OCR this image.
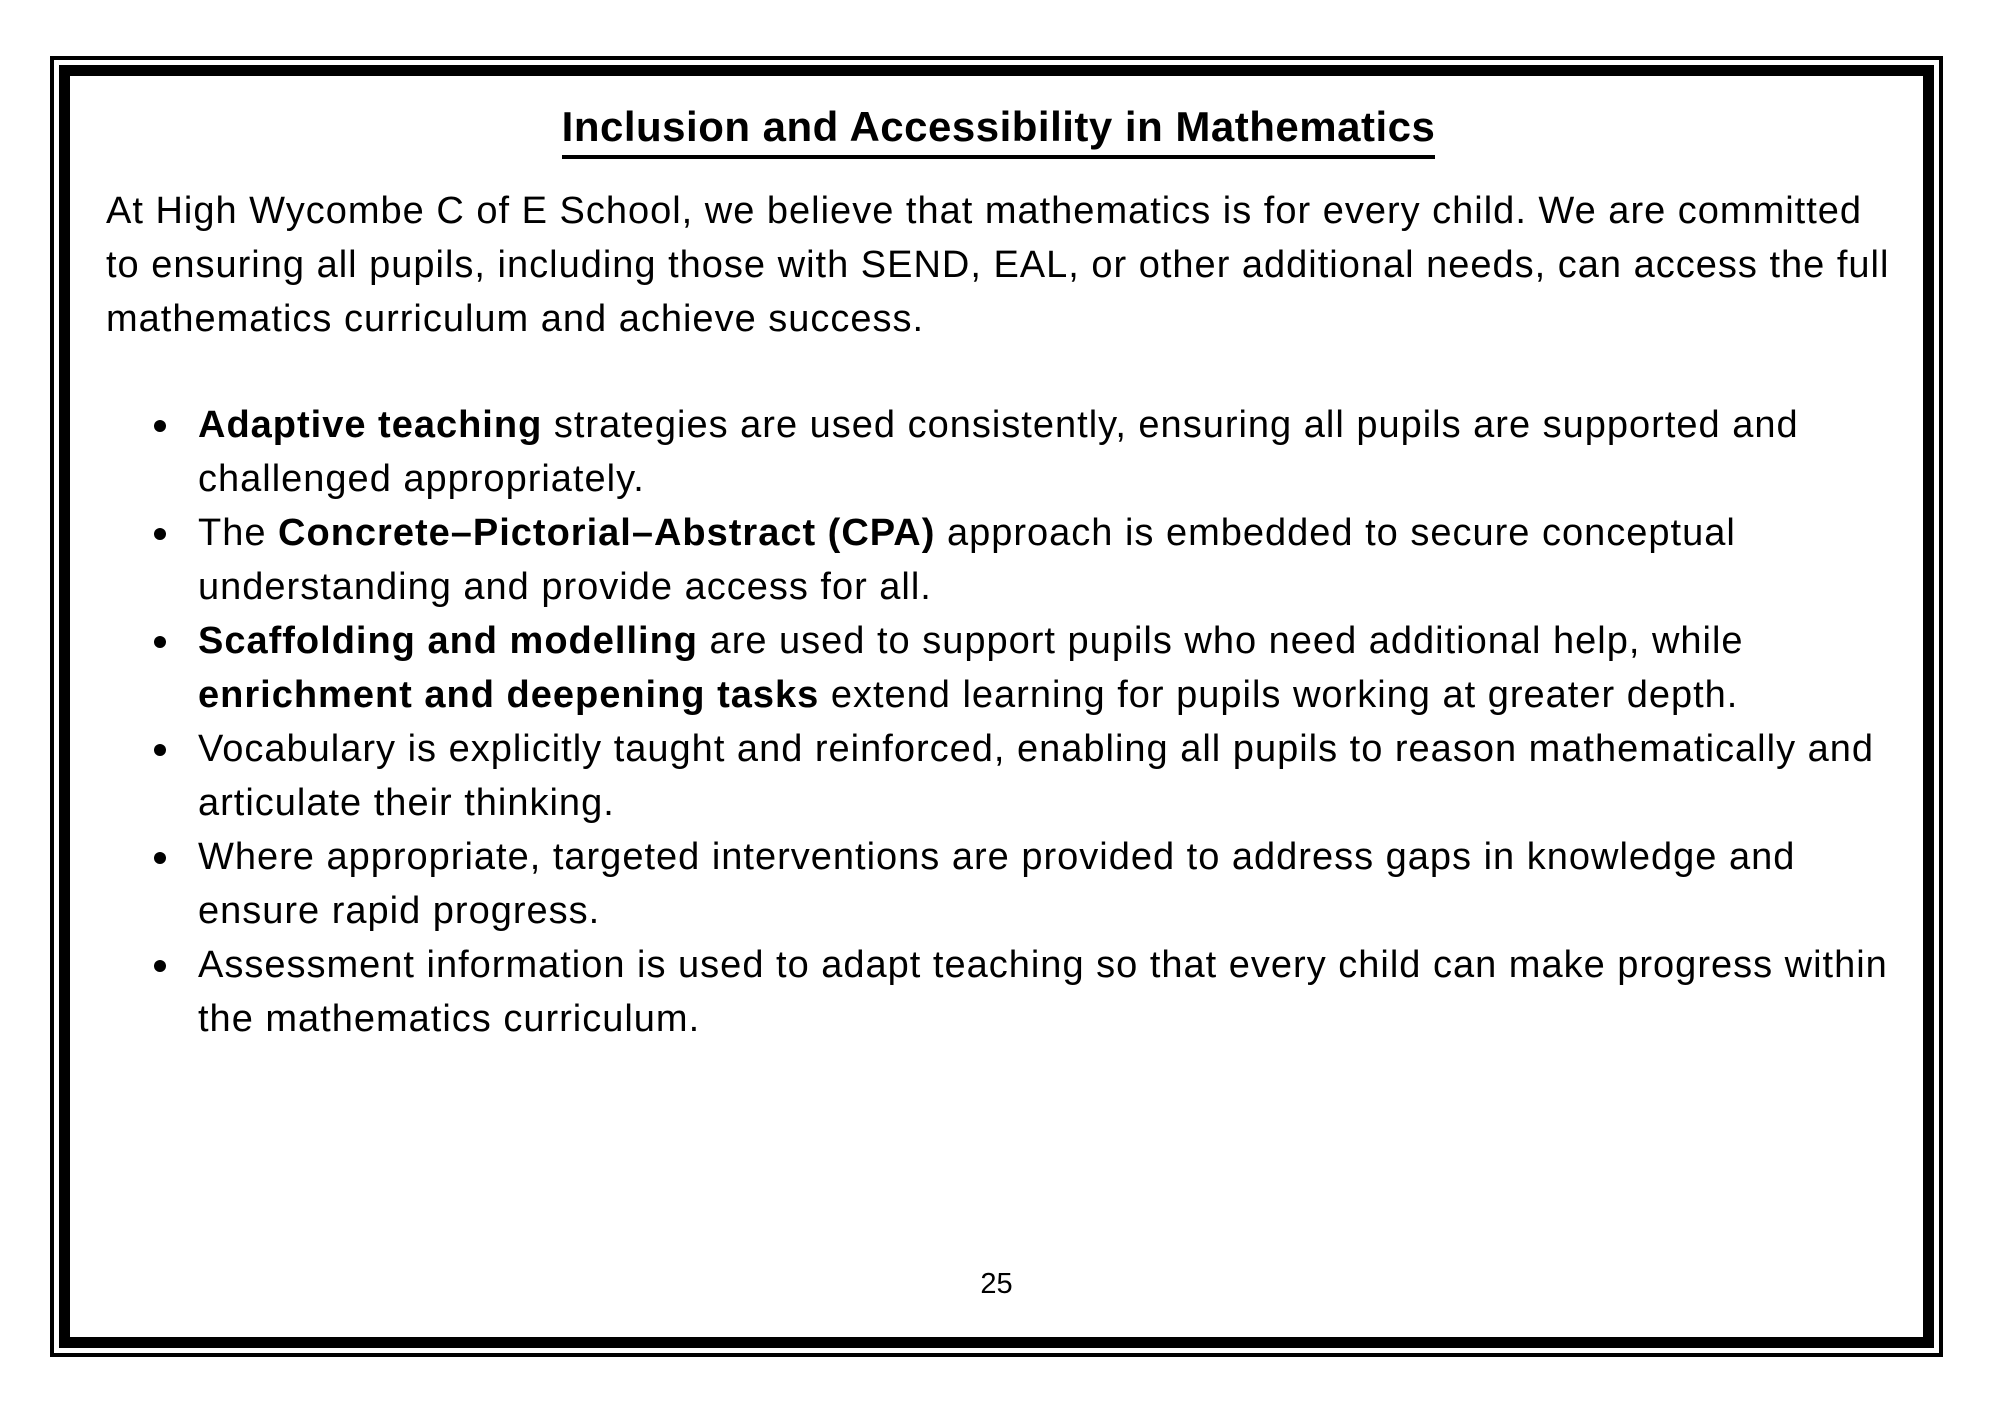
Inclusion and Accessibility in Mathematics

At High Wycombe C of E School, we believe that mathematics is for every child. We are committed to ensuring all pupils, including those with SEND, EAL, or other additional needs, can access the full mathematics curriculum and achieve success.

Adaptive teaching strategies are used consistently, ensuring all pupils are supported and challenged appropriately.
The Concrete–Pictorial–Abstract (CPA) approach is embedded to secure conceptual understanding and provide access for all.
Scaffolding and modelling are used to support pupils who need additional help, while enrichment and deepening tasks extend learning for pupils working at greater depth.
Vocabulary is explicitly taught and reinforced, enabling all pupils to reason mathematically and articulate their thinking.
Where appropriate, targeted interventions are provided to address gaps in knowledge and ensure rapid progress.
Assessment information is used to adapt teaching so that every child can make progress within the mathematics curriculum.
25
